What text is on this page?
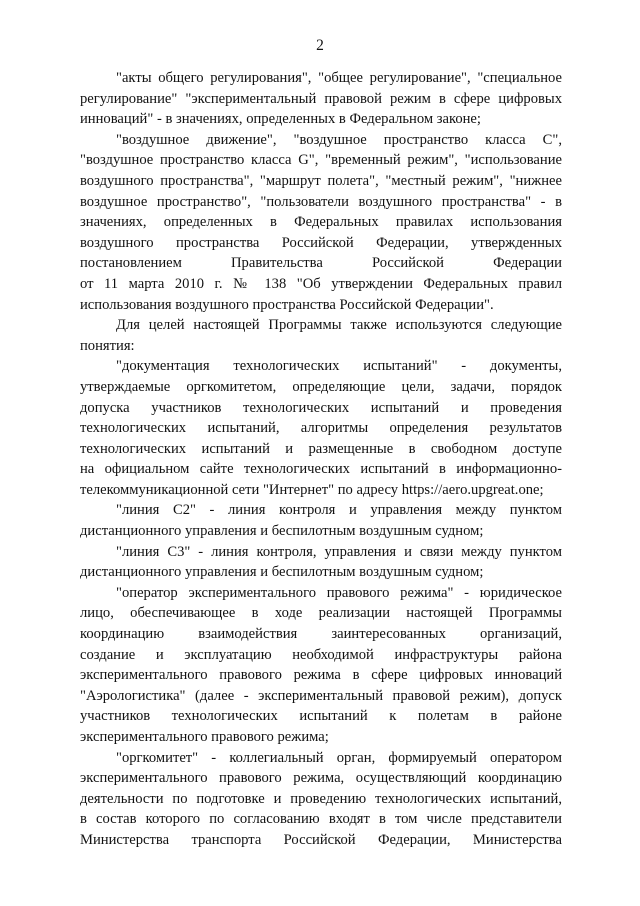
2
"акты общего регулирования", "общее регулирование", "специальное
регулирование" "экспериментальный правовой режим в сфере цифровых
инноваций" - в значениях, определенных в Федеральном законе;
"воздушное движение", "воздушное пространство класса С",
"воздушное пространство класса G", "временный режим", "использование
воздушного пространства", "маршрут полета", "местный режим", "нижнее
воздушное пространство", "пользователи воздушного пространства" - в
значениях, определенных в Федеральных правилах использования
воздушного пространства Российской Федерации, утвержденных
постановлением Правительства Российской Федерации
от 11 марта 2010 г. № 138 "Об утверждении Федеральных правил
использования воздушного пространства Российской Федерации".
Для целей настоящей Программы также используются следующие
понятия:
"документация технологических испытаний" - документы,
утверждаемые оргкомитетом, определяющие цели, задачи, порядок
допуска участников технологических испытаний и проведения
технологических испытаний, алгоритмы определения результатов
технологических испытаний и размещенные в свободном доступе
на официальном сайте технологических испытаний в информационно-
телекоммуникационной сети "Интернет" по адресу https://aero.upgreat.one;
"линия С2" - линия контроля и управления между пунктом
дистанционного управления и беспилотным воздушным судном;
"линия С3" - линия контроля, управления и связи между пунктом
дистанционного управления и беспилотным воздушным судном;
"оператор экспериментального правового режима" - юридическое
лицо, обеспечивающее в ходе реализации настоящей Программы
координацию взаимодействия заинтересованных организаций,
создание и эксплуатацию необходимой инфраструктуры района
экспериментального правового режима в сфере цифровых инноваций
"Аэрологистика" (далее - экспериментальный правовой режим), допуск
участников технологических испытаний к полетам в районе
экспериментального правового режима;
"оргкомитет" - коллегиальный орган, формируемый оператором
экспериментального правового режима, осуществляющий координацию
деятельности по подготовке и проведению технологических испытаний,
в состав которого по согласованию входят в том числе представители
Министерства транспорта Российской Федерации, Министерства
